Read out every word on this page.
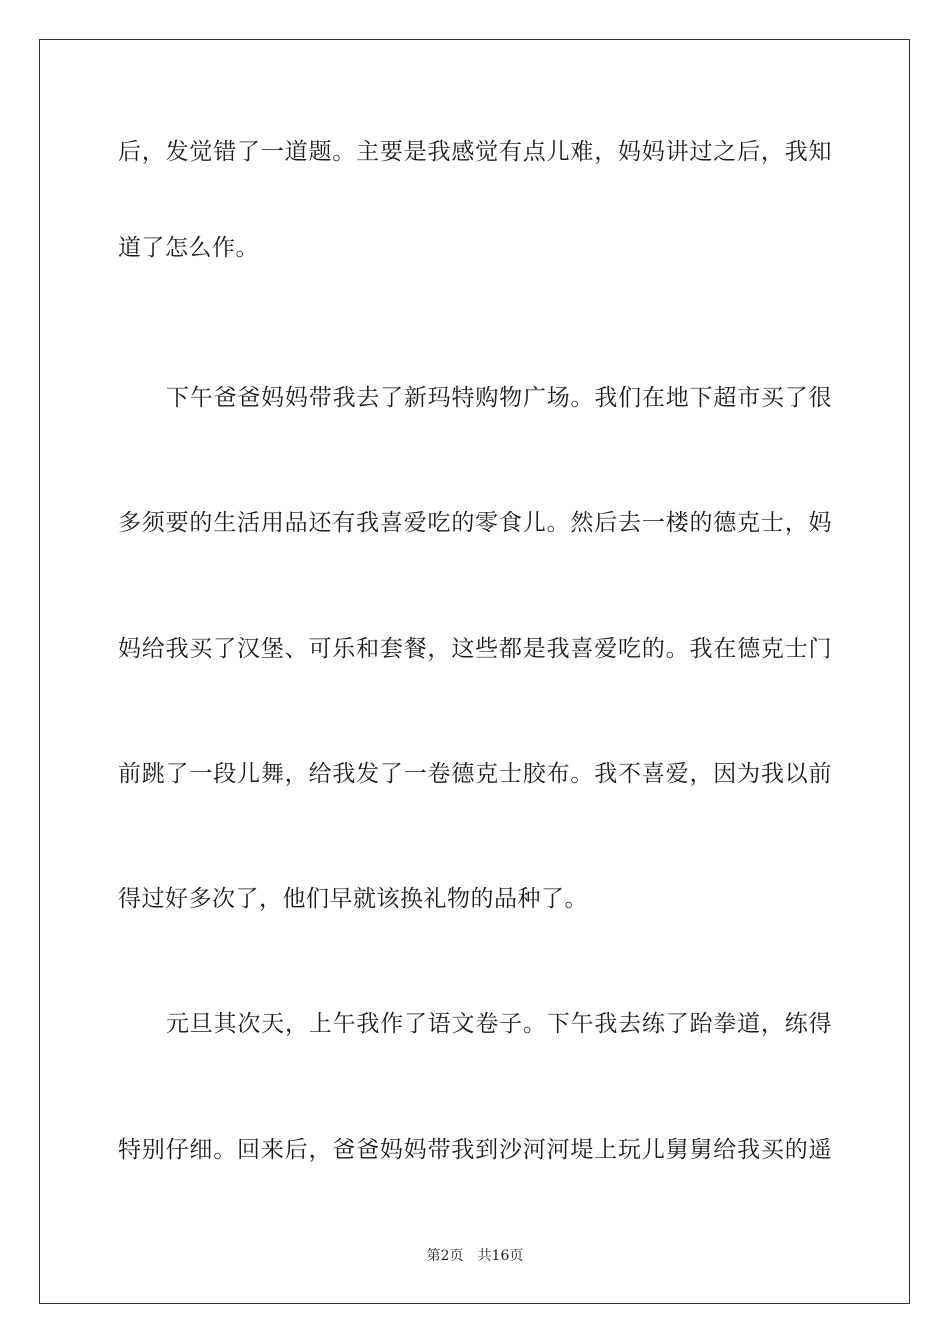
后，发觉错了一道题。主要是我感觉有点儿难，妈妈讲过之后，我知
道了怎么作。
下午爸爸妈妈带我去了新玛特购物广场。我们在地下超市买了很
多须要的生活用品还有我喜爱吃的零食儿。然后去一楼的德克士，妈
妈给我买了汉堡、可乐和套餐，这些都是我喜爱吃的。我在德克士门
前跳了一段儿舞，给我发了一卷德克士胶布。我不喜爱，因为我以前
得过好多次了，他们早就该换礼物的品种了。
元旦其次天，上午我作了语文卷子。下午我去练了跆拳道，练得
特别仔细。回来后，爸爸妈妈带我到沙河河堤上玩儿舅舅给我买的遥
第2页 共16页
